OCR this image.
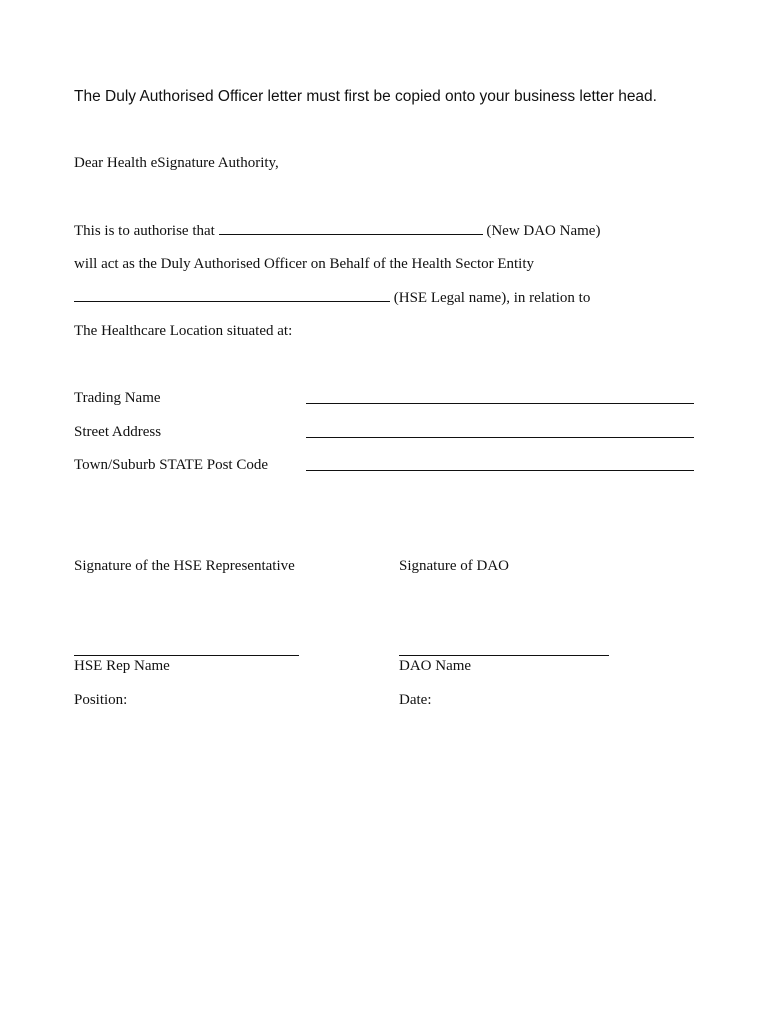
The Duly Authorised Officer letter must first be copied onto your business letter head.
Dear Health eSignature Authority,
This is to authorise that	(New DAO Name)
will act as the Duly Authorised Officer on Behalf of the Health Sector Entity
(HSE Legal name), in relation to
The Healthcare Location situated at:
Trading Name
Street Address
Town/Suburb STATE Post Code
Signature of the HSE Representative	Signature of DAO
HSE Rep Name	DAO Name
Position:	Date:
